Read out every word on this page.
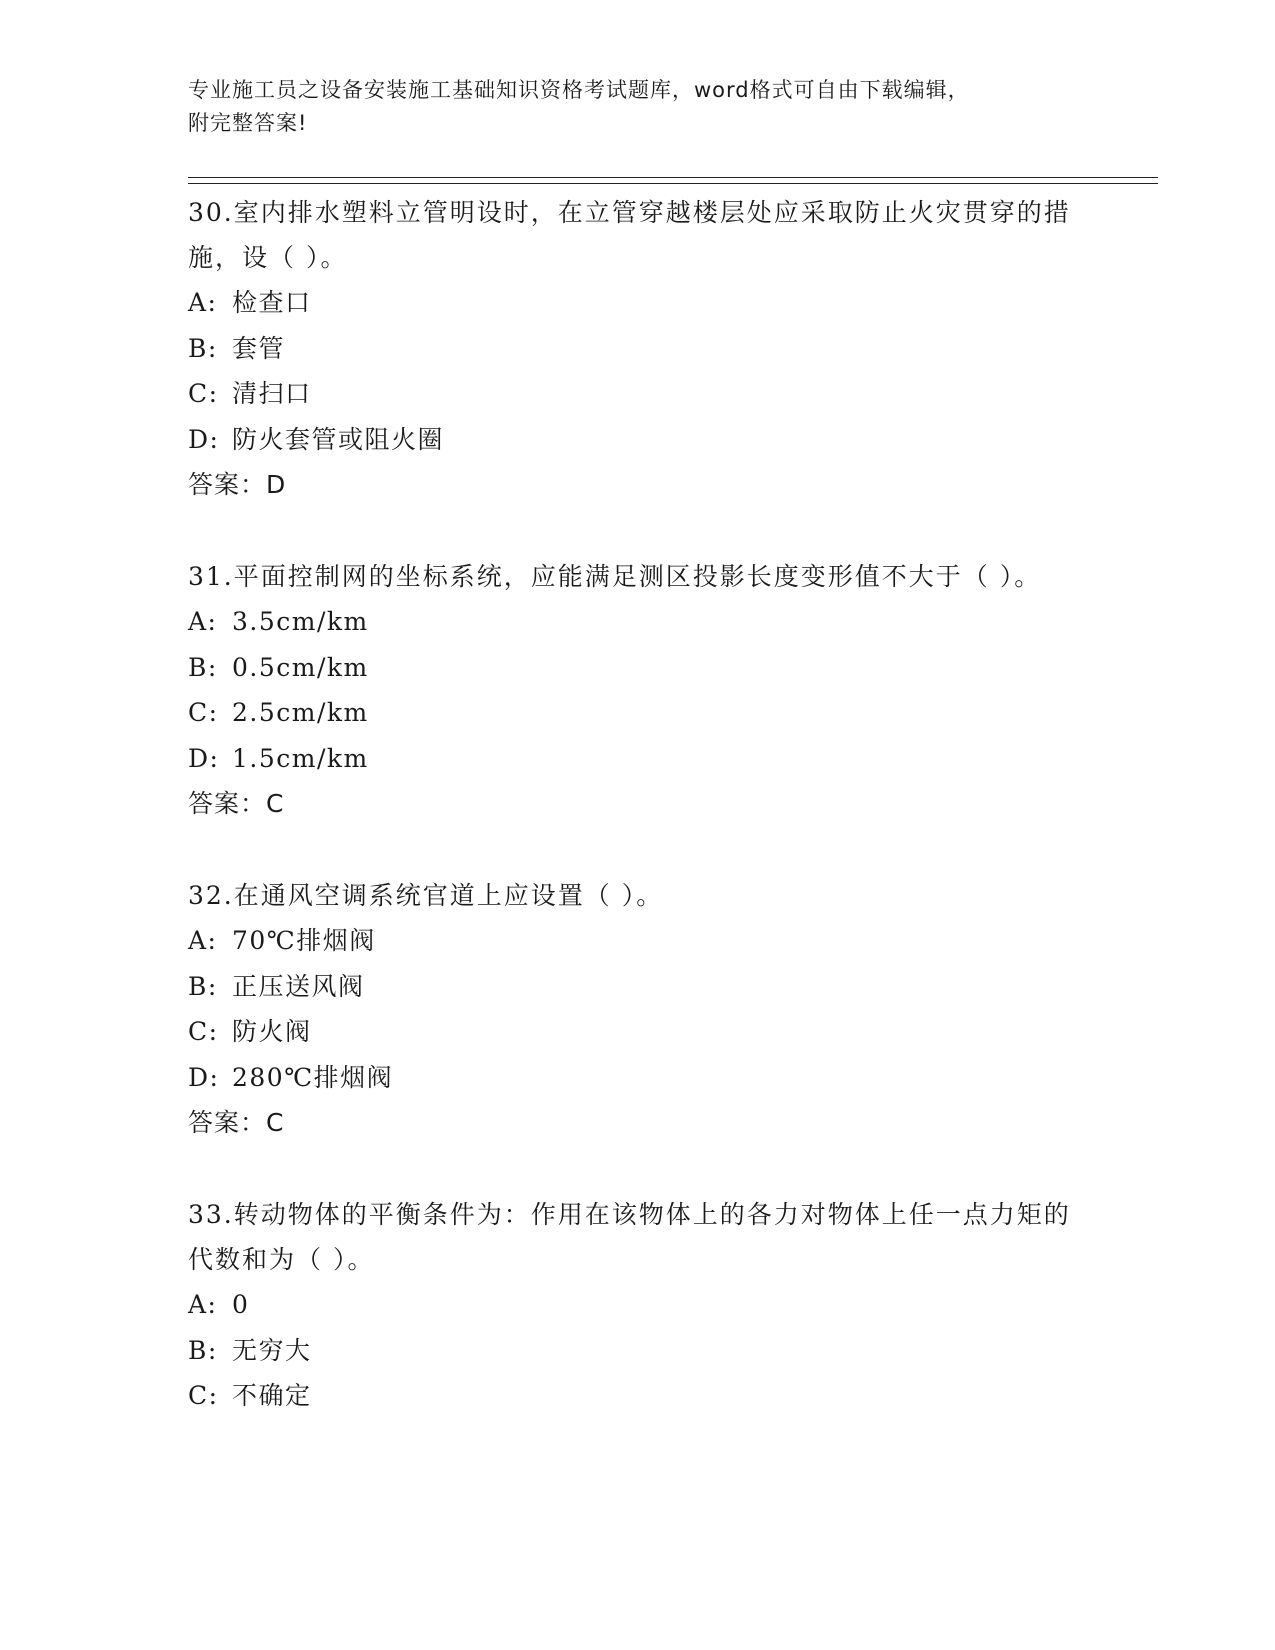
专业施工员之设备安装施工基础知识资格考试题库，word格式可自由下载编辑，
附完整答案!
30.室内排水塑料立管明设时，在立管穿越楼层处应采取防止火灾贯穿的措施，设（ ）。
A: 检查口
B: 套管
C: 清扫口
D: 防火套管或阻火圈
答案：D
31.平面控制网的坐标系统，应能满足测区投影长度变形值不大于（ ）。
A: 3.5cm/km
B: 0.5cm/km
C: 2.5cm/km
D: 1.5cm/km
答案：C
32.在通风空调系统官道上应设置（ ）。
A: 70℃排烟阀
B: 正压送风阀
C: 防火阀
D: 280℃排烟阀
答案：C
33.转动物体的平衡条件为：作用在该物体上的各力对物体上任一点力矩的代数和为（ ）。
A: 0
B: 无穷大
C: 不确定
